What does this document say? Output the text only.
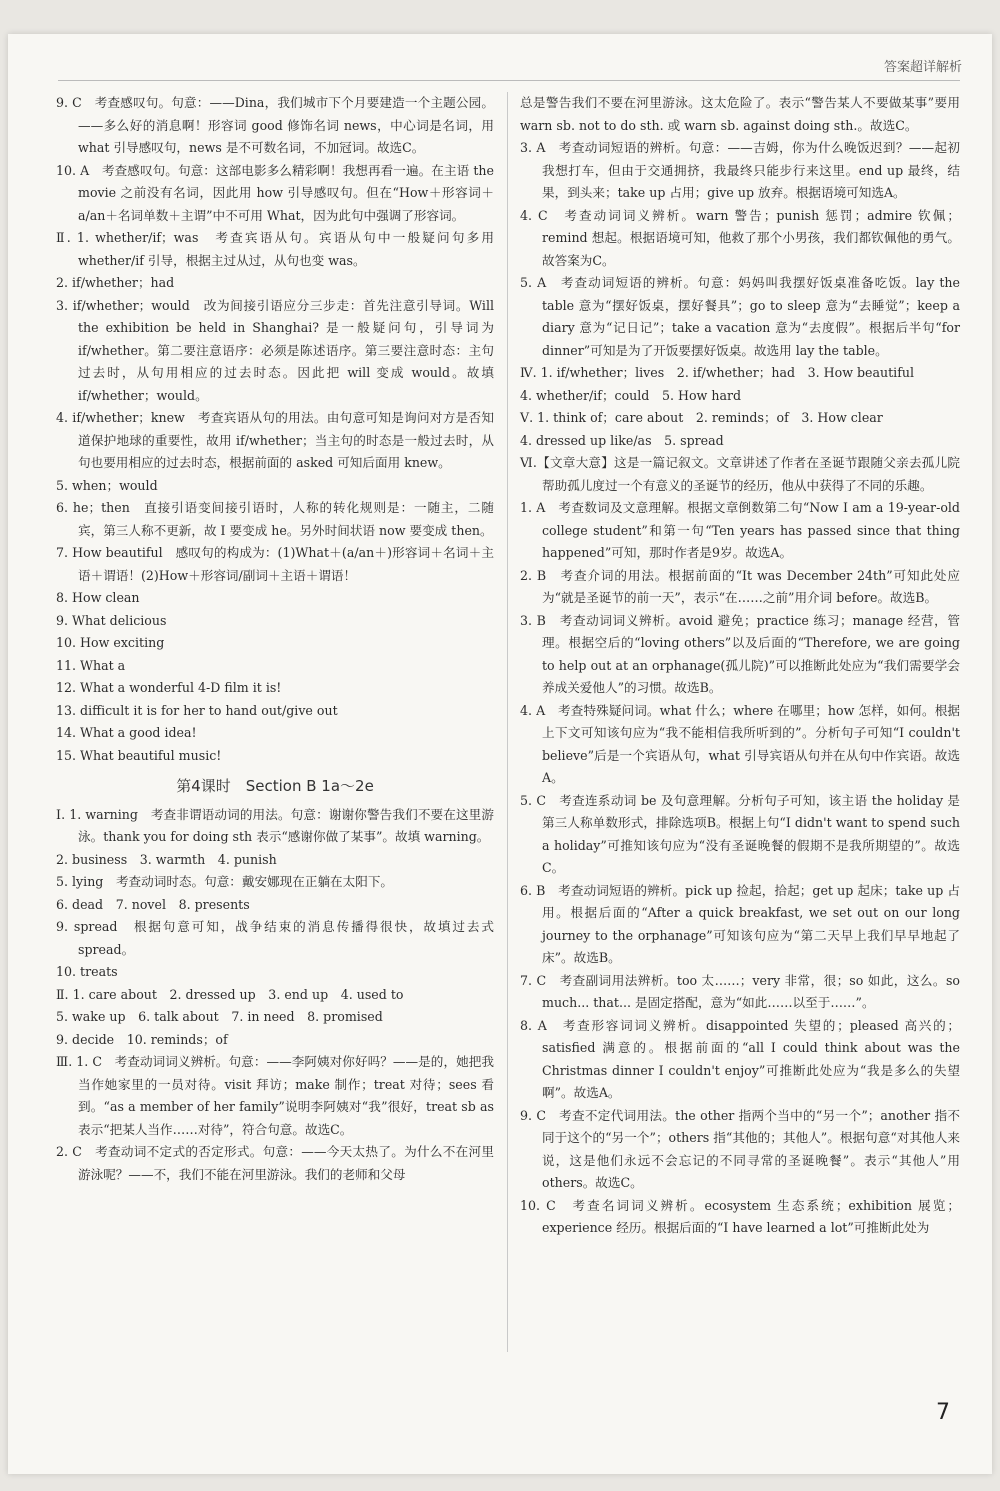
答案超详解析

9. C　考查感叹句。句意：——Dina，我们城市下个月要建造一个主题公园。——多么好的消息啊！形容词 good 修饰名词 news，中心词是名词，用 what 引导感叹句，news 是不可数名词，不加冠词。故选C。

10. A　考查感叹句。句意：这部电影多么精彩啊！我想再看一遍。在主语 the movie 之前没有名词，因此用 how 引导感叹句。但在“How＋形容词＋a/an＋名词单数＋主谓”中不可用 What，因为此句中强调了形容词。

Ⅱ. 1. whether/if；was　考查宾语从句。宾语从句中一般疑问句多用 whether/if 引导，根据主过从过，从句也变 was。

2. if/whether；had

3. if/whether；would　改为间接引语应分三步走：首先注意引导词。Will the exhibition be held in Shanghai? 是一般疑问句，引导词为 if/whether。第二要注意语序：必须是陈述语序。第三要注意时态：主句过去时，从句用相应的过去时态。因此把 will 变成 would。故填 if/whether；would。

4. if/whether；knew　考查宾语从句的用法。由句意可知是询问对方是否知道保护地球的重要性，故用 if/whether；当主句的时态是一般过去时，从句也要用相应的过去时态，根据前面的 asked 可知后面用 knew。

5. when；would

6. he；then　直接引语变间接引语时，人称的转化规则是：一随主，二随宾，第三人称不更新，故 I 要变成 he。另外时间状语 now 要变成 then。

7. How beautiful　感叹句的构成为：(1)What＋(a/an＋)形容词＋名词＋主语＋谓语！(2)How＋形容词/副词＋主语＋谓语！

8. How clean

9. What delicious

10. How exciting

11. What a

12. What a wonderful 4-D film it is!

13. difficult it is for her to hand out/give out

14. What a good idea!

15. What beautiful music!

第4课时　Section B 1a～2e

Ⅰ. 1. warning　考查非谓语动词的用法。句意：谢谢你警告我们不要在这里游泳。thank you for doing sth 表示“感谢你做了某事”。故填 warning。

2. business　3. warmth　4. punish

5. lying　考查动词时态。句意：戴安娜现在正躺在太阳下。

6. dead　7. novel　8. presents

9. spread　根据句意可知，战争结束的消息传播得很快，故填过去式 spread。

10. treats

Ⅱ. 1. care about　2. dressed up　3. end up　4. used to

5. wake up　6. talk about　7. in need　8. promised

9. decide　10. reminds；of

Ⅲ. 1. C　考查动词词义辨析。句意：——李阿姨对你好吗？——是的，她把我当作她家里的一员对待。visit 拜访；make 制作；treat 对待；sees 看到。“as a member of her family”说明李阿姨对“我”很好，treat sb as 表示“把某人当作……对待”，符合句意。故选C。

2. C　考查动词不定式的否定形式。句意：——今天太热了。为什么不在河里游泳呢？——不，我们不能在河里游泳。我们的老师和父母

总是警告我们不要在河里游泳。这太危险了。表示“警告某人不要做某事”要用 warn sb. not to do sth. 或 warn sb. against doing sth.。故选C。

3. A　考查动词短语的辨析。句意：——吉姆，你为什么晚饭迟到？——起初我想打车，但由于交通拥挤，我最终只能步行来这里。end up 最终，结果，到头来；take up 占用；give up 放弃。根据语境可知选A。

4. C　考查动词词义辨析。warn 警告；punish 惩罚；admire 钦佩；remind 想起。根据语境可知，他救了那个小男孩，我们都钦佩他的勇气。故答案为C。

5. A　考查动词短语的辨析。句意：妈妈叫我摆好饭桌准备吃饭。lay the table 意为“摆好饭桌，摆好餐具”；go to sleep 意为“去睡觉”；keep a diary 意为“记日记”；take a vacation 意为“去度假”。根据后半句“for dinner”可知是为了开饭要摆好饭桌。故选用 lay the table。

Ⅳ. 1. if/whether；lives　2. if/whether；had　3. How beautiful

4. whether/if；could　5. How hard

Ⅴ. 1. think of；care about　2. reminds；of　3. How clear

4. dressed up like/as　5. spread

Ⅵ.【文章大意】这是一篇记叙文。文章讲述了作者在圣诞节跟随父亲去孤儿院帮助孤儿度过一个有意义的圣诞节的经历，他从中获得了不同的乐趣。

1. A　考查数词及文意理解。根据文章倒数第二句“Now I am a 19-year-old college student”和第一句“Ten years has passed since that thing happened”可知，那时作者是9岁。故选A。

2. B　考查介词的用法。根据前面的“It was December 24th”可知此处应为“就是圣诞节的前一天”，表示“在……之前”用介词 before。故选B。

3. B　考查动词词义辨析。avoid 避免；practice 练习；manage 经营，管理。根据空后的“loving others”以及后面的“Therefore, we are going to help out at an orphanage(孤儿院)”可以推断此处应为“我们需要学会养成关爱他人”的习惯。故选B。

4. A　考查特殊疑问词。what 什么；where 在哪里；how 怎样，如何。根据上下文可知该句应为“我不能相信我所听到的”。分析句子可知“I couldn't believe”后是一个宾语从句，what 引导宾语从句并在从句中作宾语。故选A。

5. C　考查连系动词 be 及句意理解。分析句子可知，该主语 the holiday 是第三人称单数形式，排除选项B。根据上句“I didn't want to spend such a holiday”可推知该句应为“没有圣诞晚餐的假期不是我所期望的”。故选C。

6. B　考查动词短语的辨析。pick up 捡起，拾起；get up 起床；take up 占用。根据后面的“After a quick breakfast, we set out on our long journey to the orphanage”可知该句应为“第二天早上我们早早地起了床”。故选B。

7. C　考查副词用法辨析。too 太……；very 非常，很；so 如此，这么。so much... that... 是固定搭配，意为“如此……以至于……”。

8. A　考查形容词词义辨析。disappointed 失望的；pleased 高兴的；satisfied 满意的。根据前面的“all I could think about was the Christmas dinner I couldn't enjoy”可推断此处应为“我是多么的失望啊”。故选A。

9. C　考查不定代词用法。the other 指两个当中的“另一个”；another 指不同于这个的“另一个”；others 指“其他的；其他人”。根据句意“对其他人来说，这是他们永远不会忘记的不同寻常的圣诞晚餐”。表示“其他人”用 others。故选C。

10. C　考查名词词义辨析。ecosystem 生态系统；exhibition 展览；experience 经历。根据后面的“I have learned a lot”可推断此处为

7
